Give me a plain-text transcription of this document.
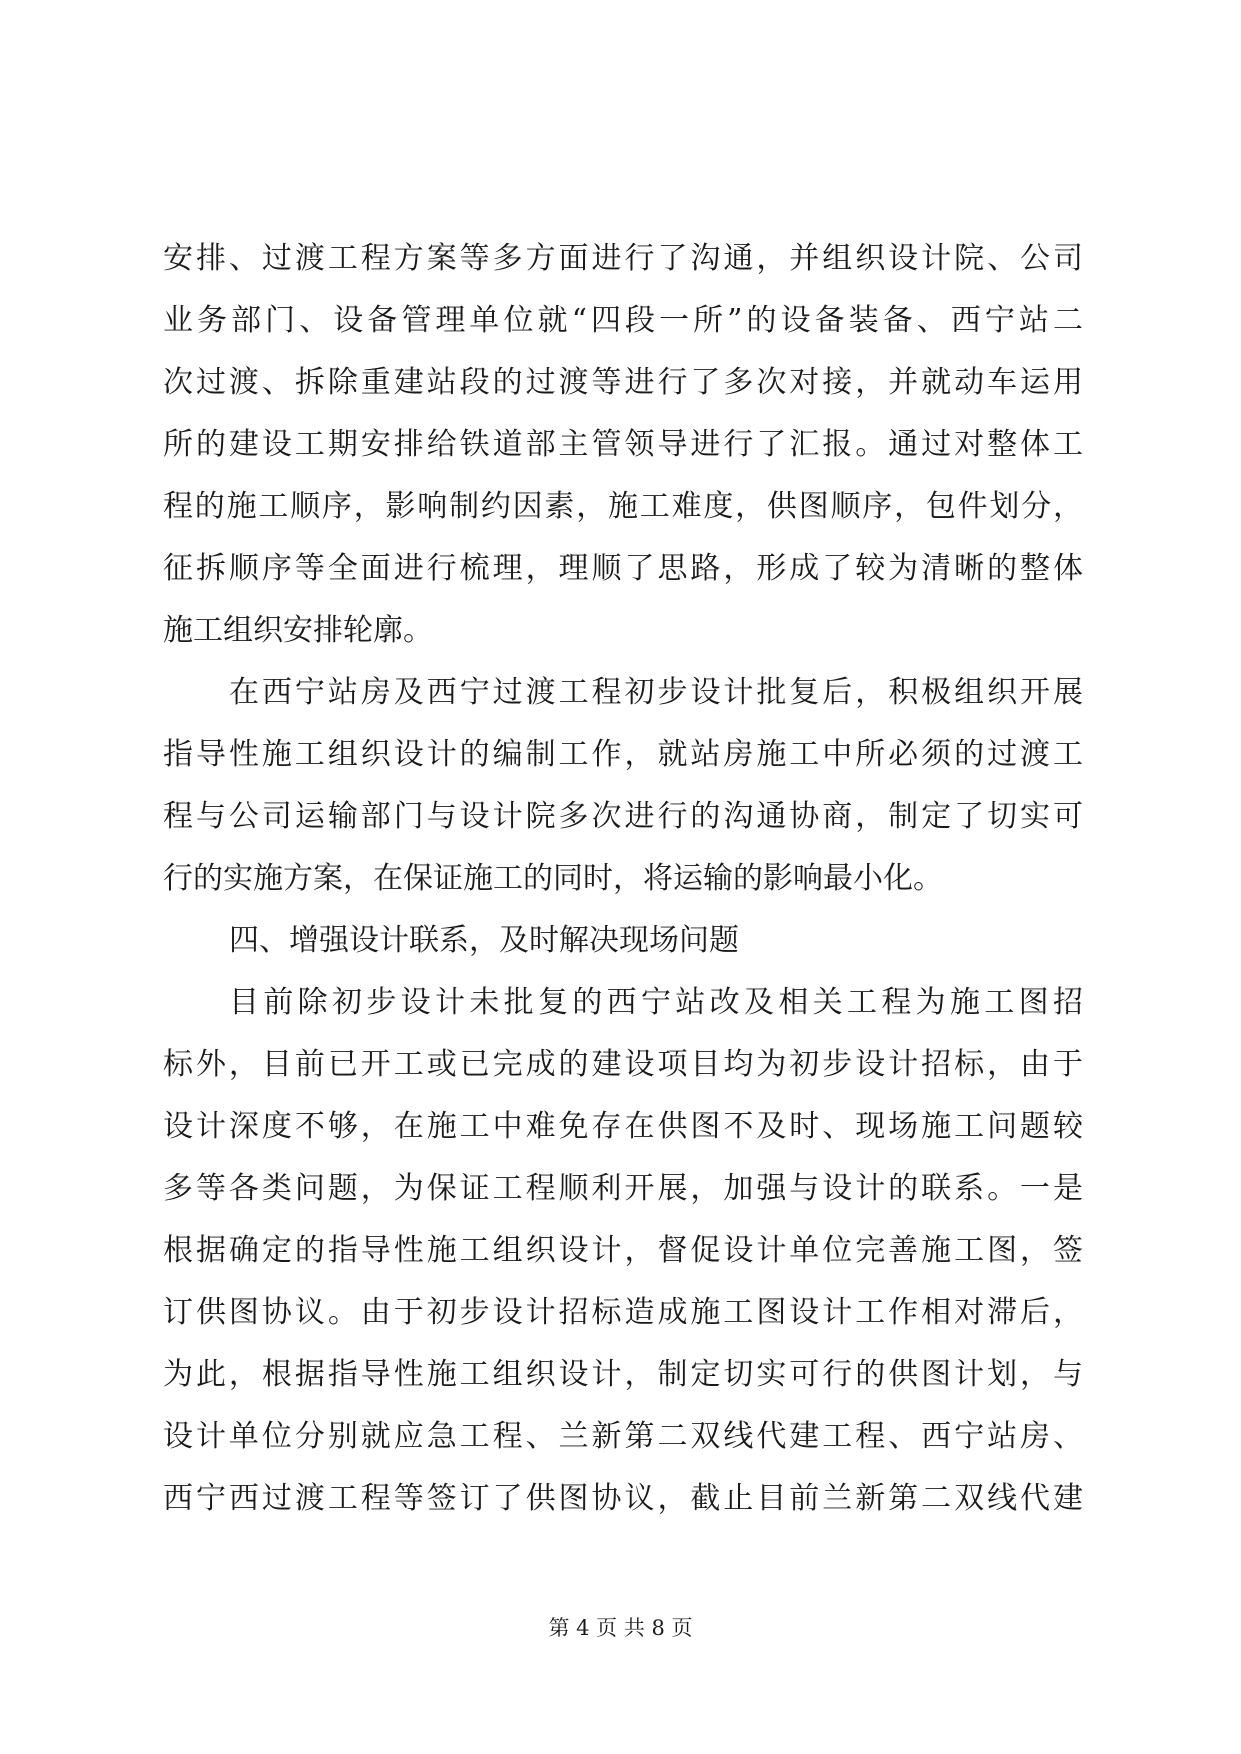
安排、过渡工程方案等多方面进行了沟通，并组织设计院、公司
业务部门、设备管理单位就“四段一所”的设备装备、西宁站二
次过渡、拆除重建站段的过渡等进行了多次对接，并就动车运用
所的建设工期安排给铁道部主管领导进行了汇报。通过对整体工
程的施工顺序，影响制约因素，施工难度，供图顺序，包件划分，
征拆顺序等全面进行梳理，理顺了思路，形成了较为清晰的整体
施工组织安排轮廓。
在西宁站房及西宁过渡工程初步设计批复后，积极组织开展
指导性施工组织设计的编制工作，就站房施工中所必须的过渡工
程与公司运输部门与设计院多次进行的沟通协商，制定了切实可
行的实施方案，在保证施工的同时，将运输的影响最小化。
四、增强设计联系，及时解决现场问题
目前除初步设计未批复的西宁站改及相关工程为施工图招
标外，目前已开工或已完成的建设项目均为初步设计招标，由于
设计深度不够，在施工中难免存在供图不及时、现场施工问题较
多等各类问题，为保证工程顺利开展，加强与设计的联系。一是
根据确定的指导性施工组织设计，督促设计单位完善施工图，签
订供图协议。由于初步设计招标造成施工图设计工作相对滞后，
为此，根据指导性施工组织设计，制定切实可行的供图计划，与
设计单位分别就应急工程、兰新第二双线代建工程、西宁站房、
西宁西过渡工程等签订了供图协议，截止目前兰新第二双线代建
第 4 页 共 8 页
